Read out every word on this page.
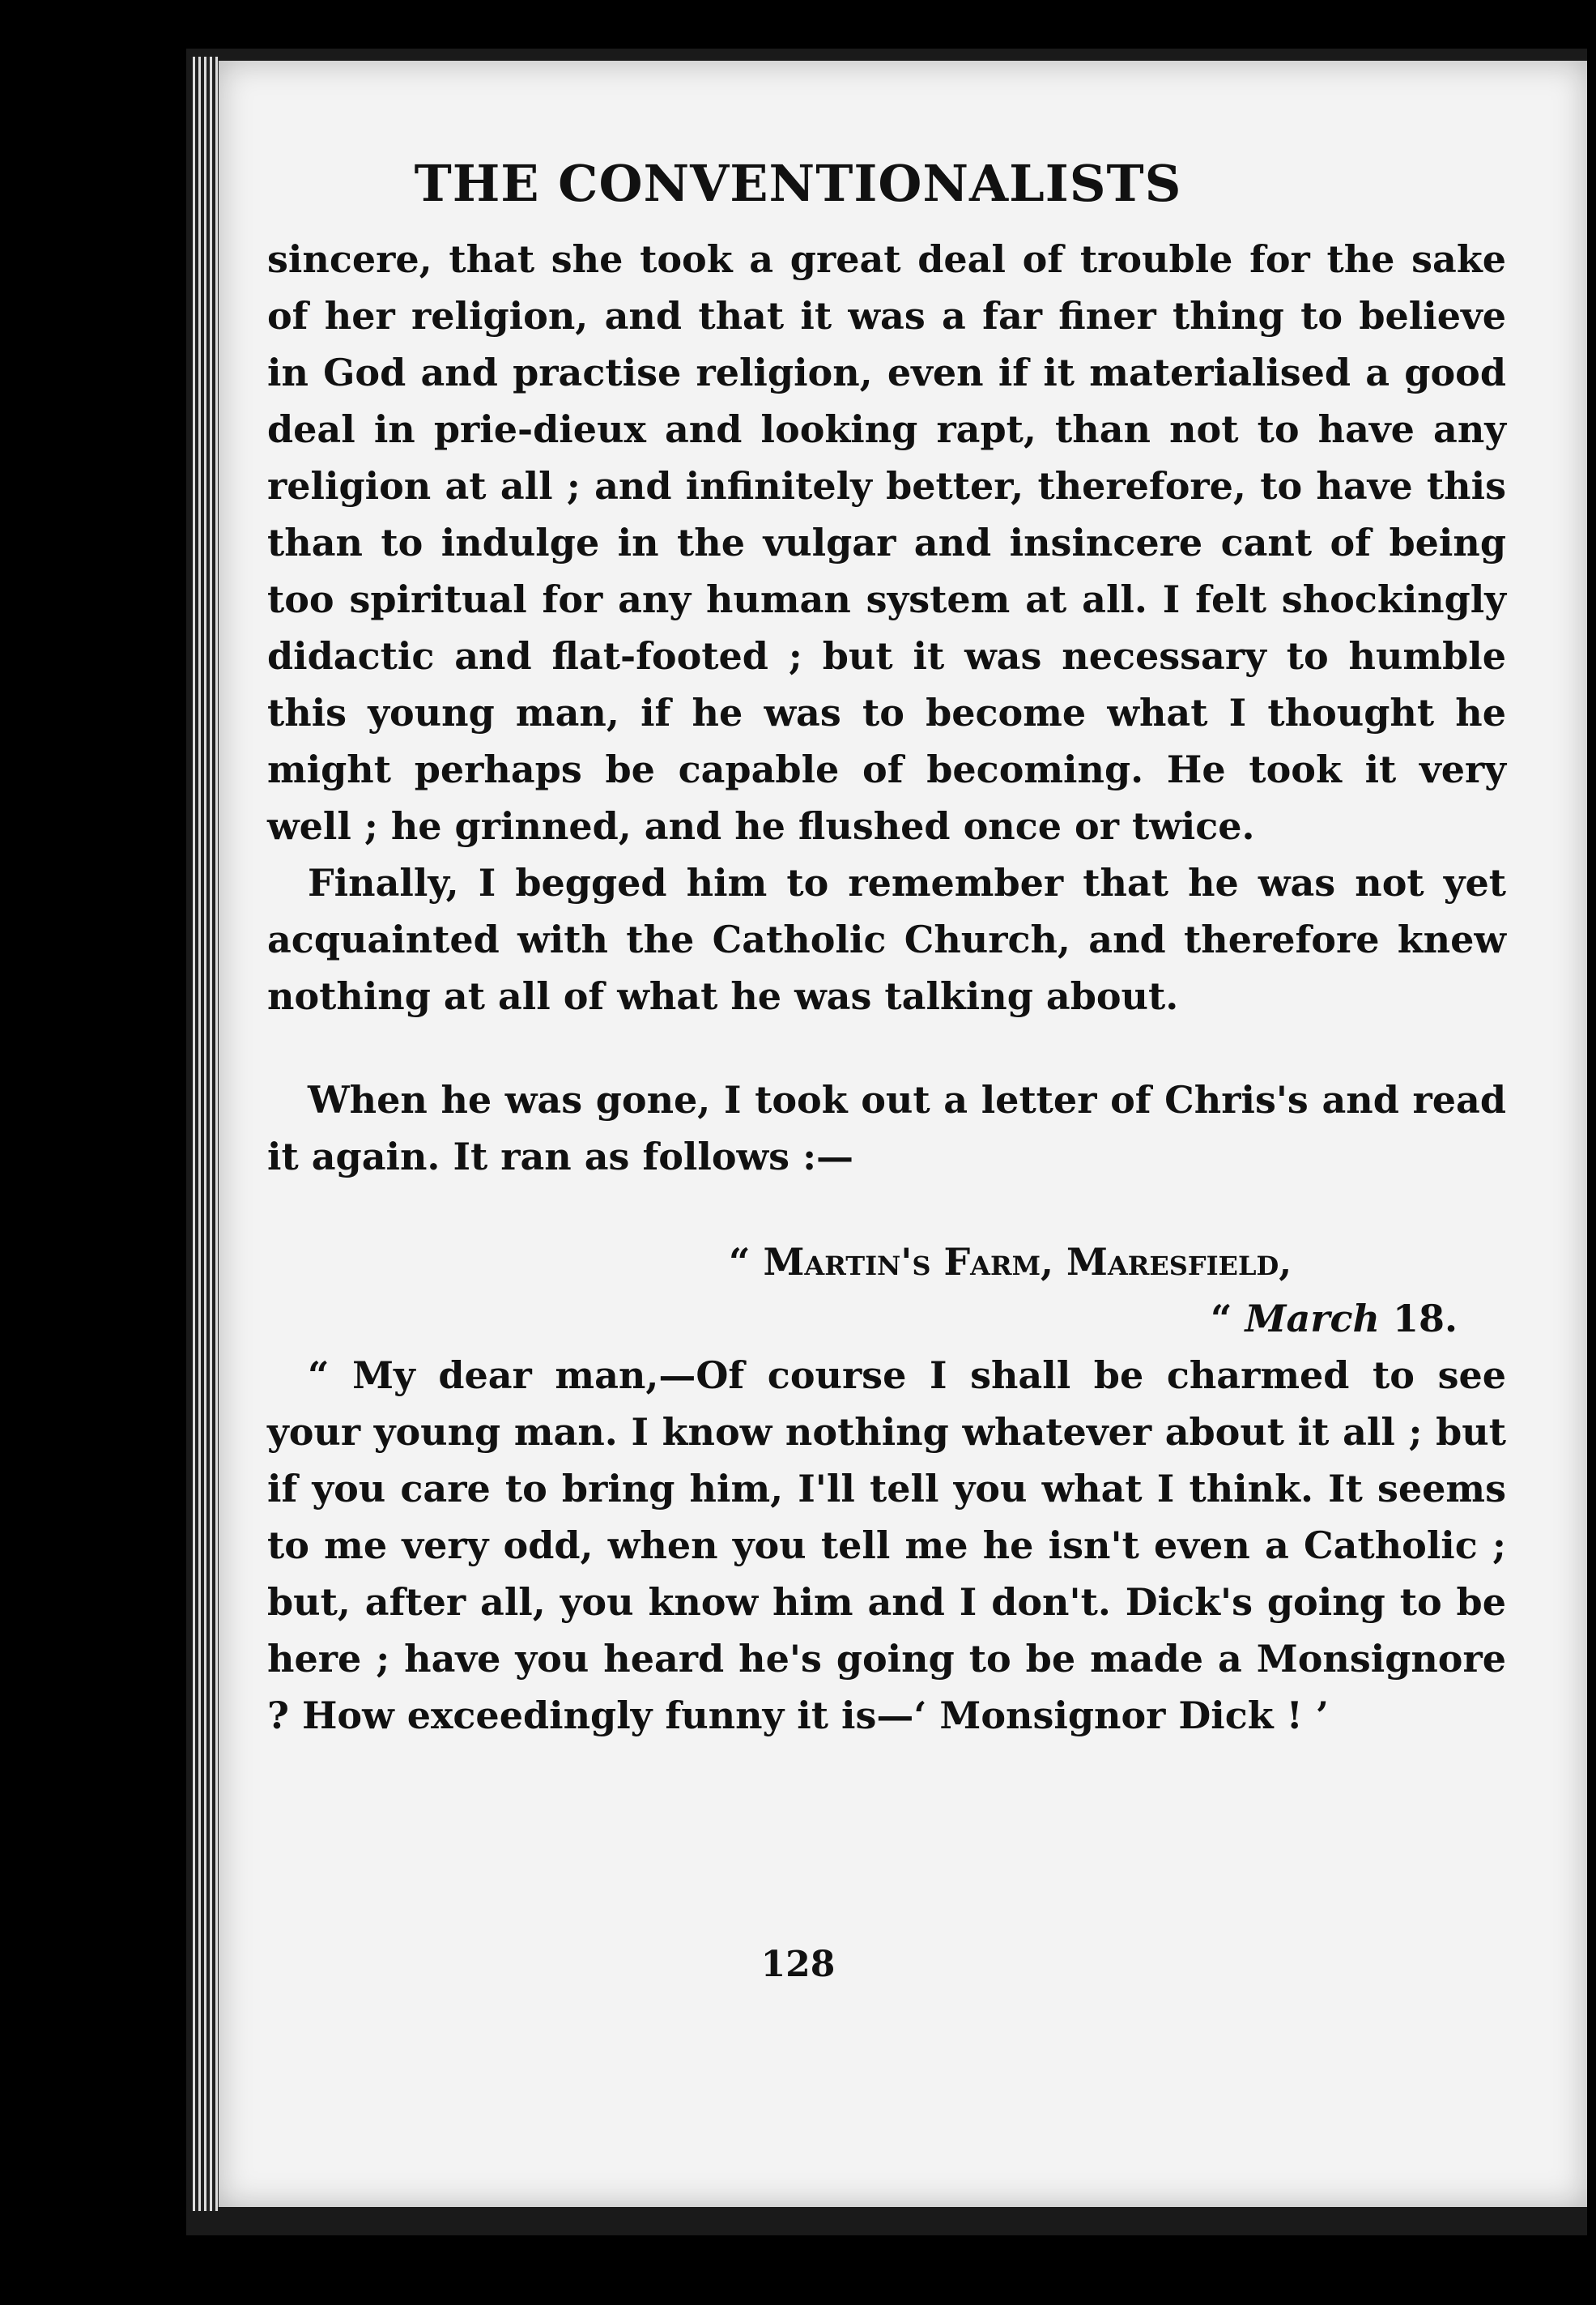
THE CONVENTIONALISTS

sincere, that she took a great deal of trouble for the sake of her religion, and that it was a far finer thing to believe in God and practise religion, even if it materialised a good deal in prie-dieux and looking rapt, than not to have any religion at all ; and infinitely better, therefore, to have this than to indulge in the vulgar and insincere cant of being too spiritual for any human system at all. I felt shockingly didactic and flat-footed ; but it was necessary to humble this young man, if he was to become what I thought he might perhaps be capable of becoming. He took it very well ; he grinned, and he flushed once or twice.

Finally, I begged him to remember that he was not yet acquainted with the Catholic Church, and therefore knew nothing at all of what he was talking about.

When he was gone, I took out a letter of Chris's and read it again. It ran as follows :—

“ Martin's Farm, Maresfield,
“ March 18.

“ My dear man,—Of course I shall be charmed to see your young man. I know nothing whatever about it all ; but if you care to bring him, I'll tell you what I think. It seems to me very odd, when you tell me he isn't even a Catholic ; but, after all, you know him and I don't. Dick's going to be here ; have you heard he's going to be made a Monsignore ? How exceedingly funny it is—‘ Monsignor Dick ! ’

128
